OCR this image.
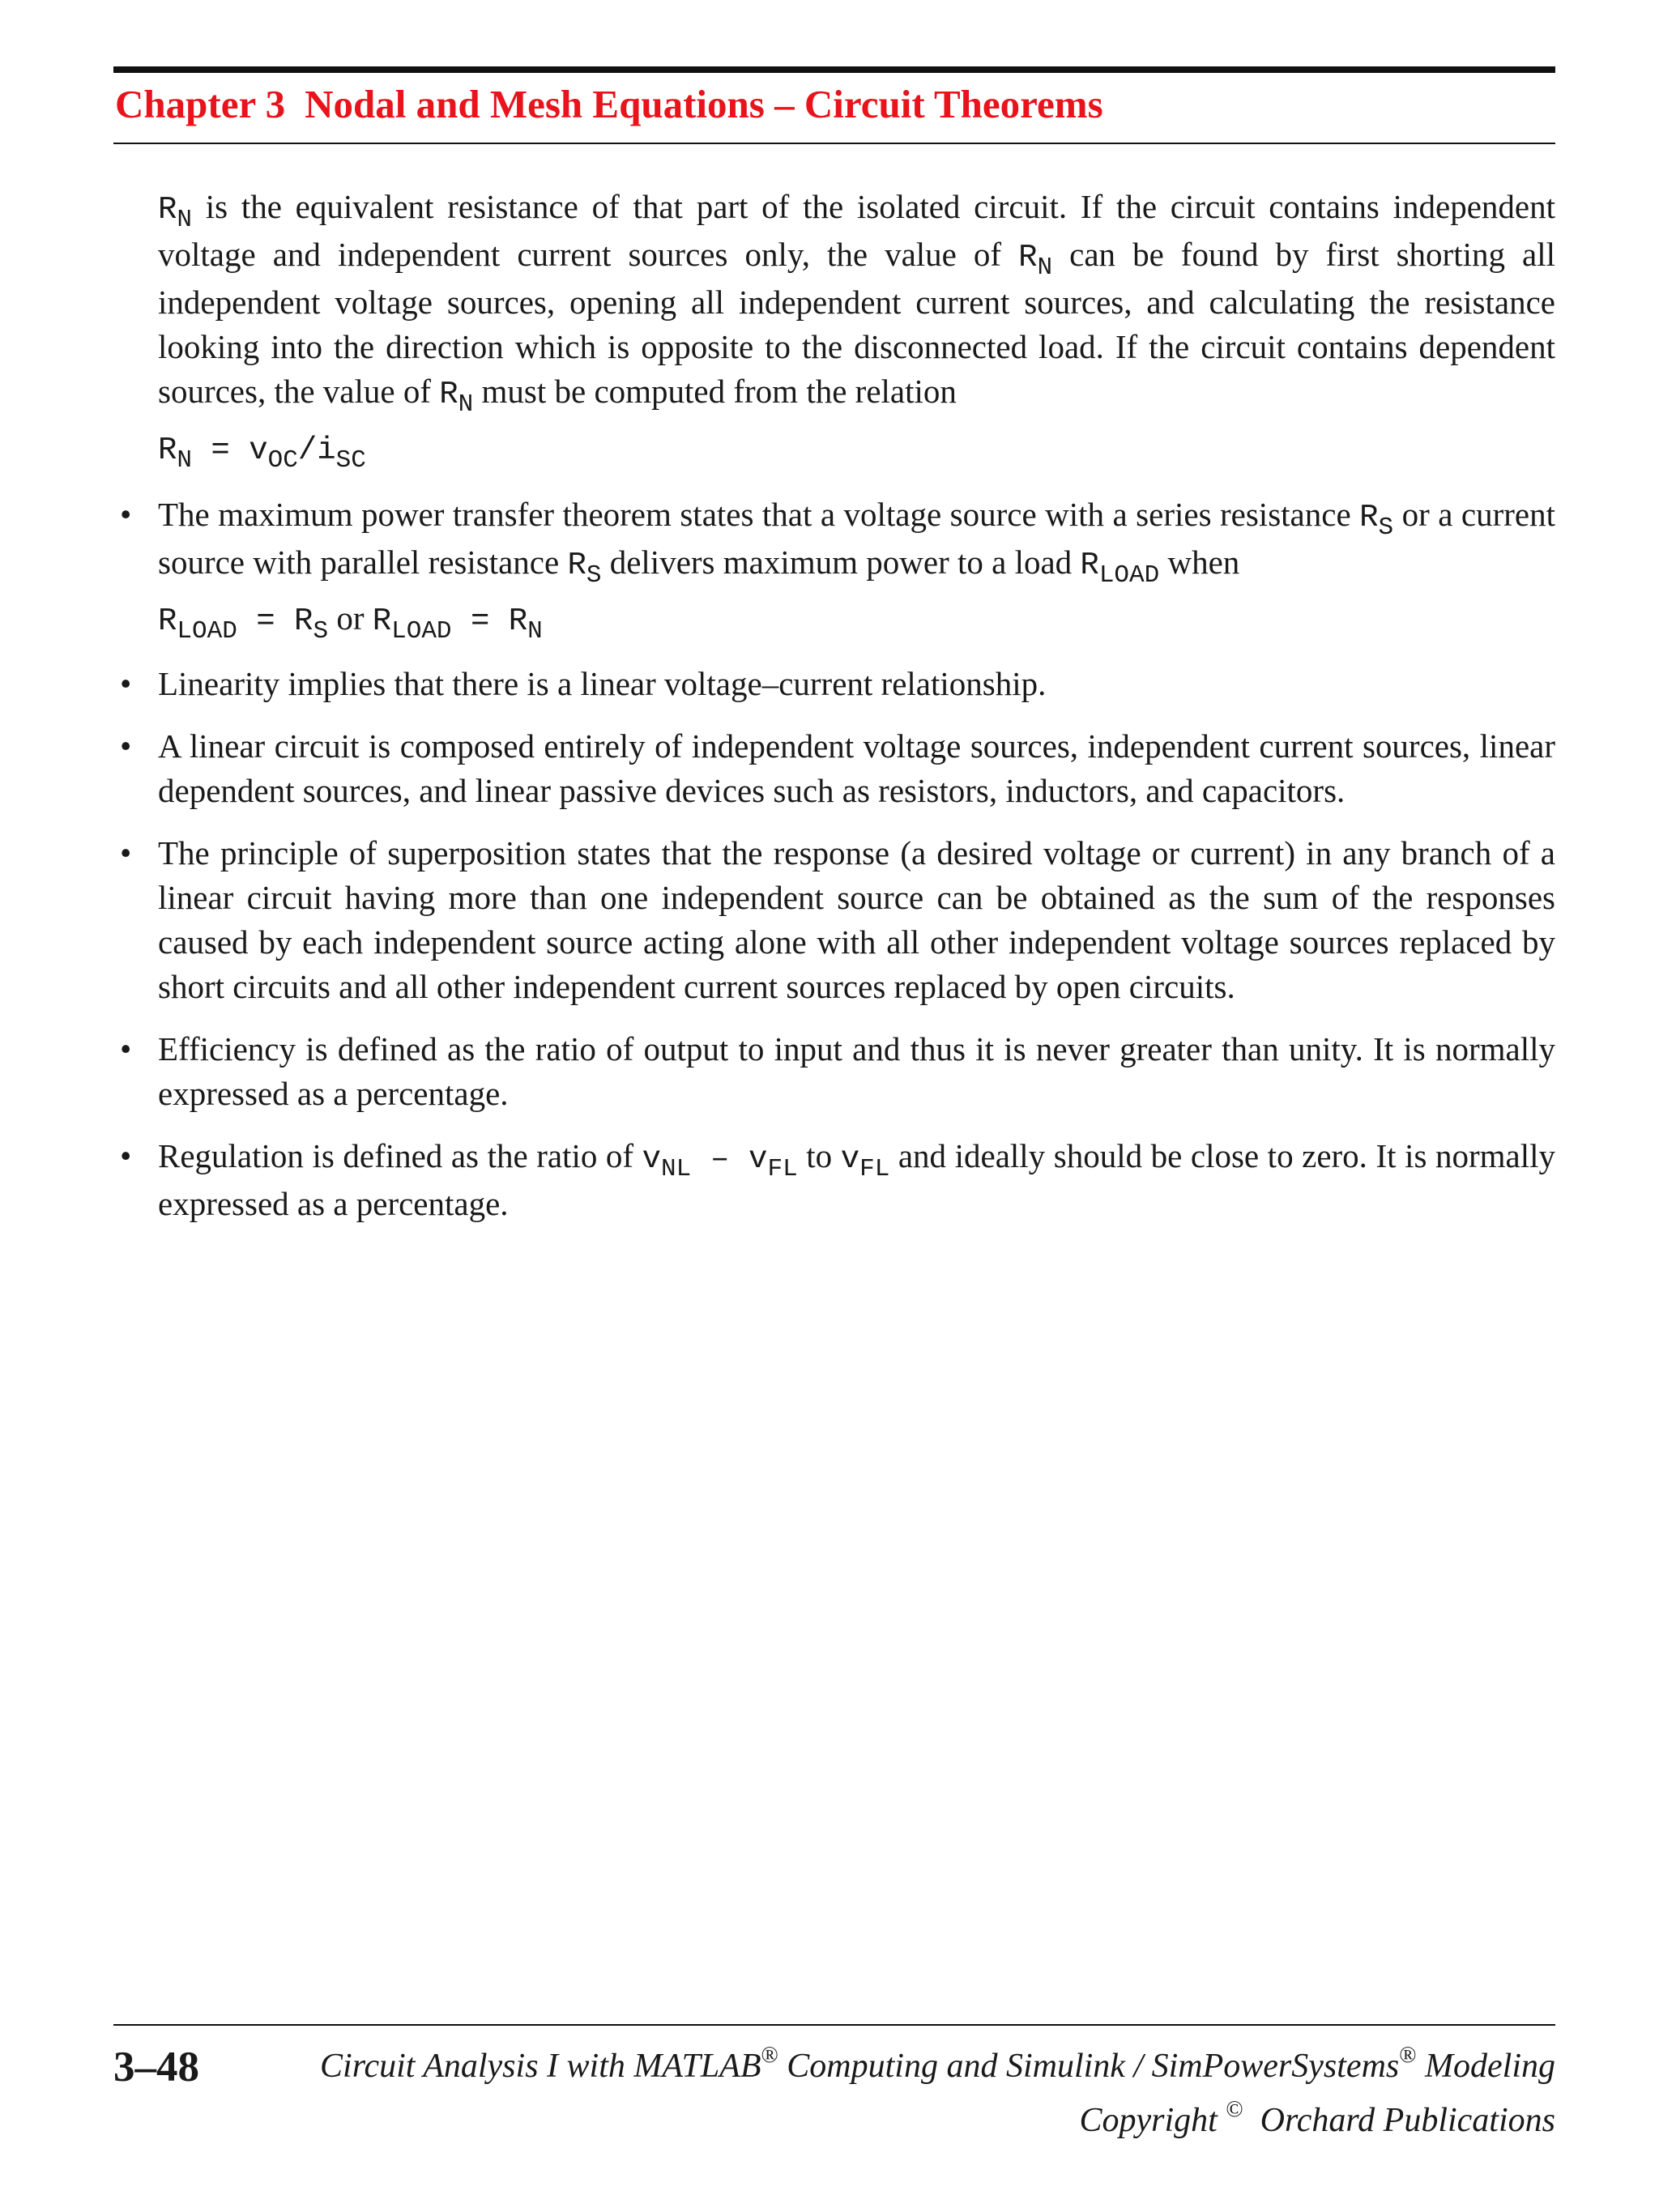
Chapter 3 Nodal and Mesh Equations – Circuit Theorems
$R_N$ is the equivalent resistance of that part of the isolated circuit. If the circuit contains independent voltage and independent current sources only, the value of $R_N$ can be found by first shorting all independent voltage sources, opening all independent current sources, and calculating the resistance looking into the direction which is opposite to the disconnected load. If the circuit contains dependent sources, the value of $R_N$ must be computed from the relation
$R_N = v_{OC}/i_{SC}$
• The maximum power transfer theorem states that a voltage source with a series resistance $R_S$ or a current source with parallel resistance $R_S$ delivers maximum power to a load $R_{LOAD}$ when
$R_{LOAD} = R_S$ or $R_{LOAD} = R_N$
• Linearity implies that there is a linear voltage–current relationship.
• A linear circuit is composed entirely of independent voltage sources, independent current sources, linear dependent sources, and linear passive devices such as resistors, inductors, and capacitors.
• The principle of superposition states that the response (a desired voltage or current) in any branch of a linear circuit having more than one independent source can be obtained as the sum of the responses caused by each independent source acting alone with all other independent voltage sources replaced by short circuits and all other independent current sources replaced by open circuits.
• Efficiency is defined as the ratio of output to input and thus it is never greater than unity. It is normally expressed as a percentage.
• Regulation is defined as the ratio of $v_{NL} - v_{FL}$ to $v_{FL}$ and ideally should be close to zero. It is normally expressed as a percentage.
3–48	Circuit Analysis I with MATLAB® Computing and Simulink / SimPowerSystems® Modeling
Copyright ©  Orchard Publications
